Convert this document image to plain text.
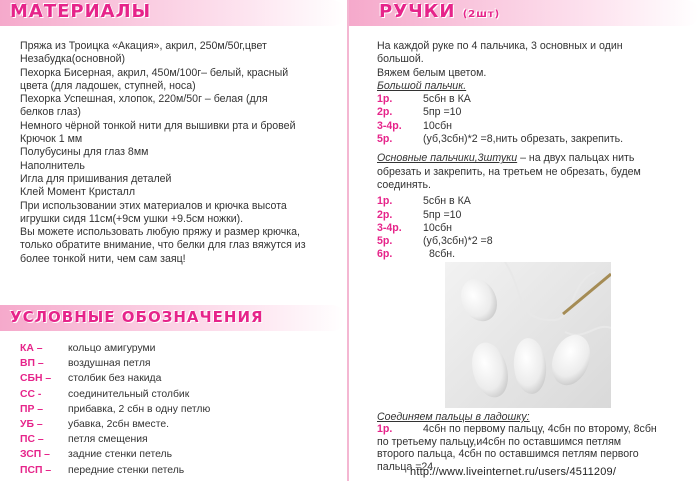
МАТЕРИАЛЫ
Пряжа из Троицка «Акация», акрил, 250м/50г,цвет
Незабудка(основной)
Пехорка Бисерная, акрил, 450м/100г– белый, красный
цвета (для ладошек, ступней, носа)
Пехорка Успешная, хлопок, 220м/50г – белая (для
белков глаз)
Немного чёрной тонкой нити для вышивки рта и бровей
Крючок 1 мм
Полубусины для глаз 8мм
Наполнитель
Игла для пришивания деталей
Клей Момент Кристалл
При использовании этих материалов и крючка высота
игрушки сидя 11см(+9см ушки +9.5см ножки).
Вы можете использовать любую пряжу и размер крючка,
только обратите внимание, что белки для глаз вяжутся из
более тонкой нити, чем сам заяц!
УСЛОВНЫЕ ОБОЗНАЧЕНИЯ
КА – кольцо амигуруми
ВП – воздушная петля
СБН – столбик без накида
СС -	соединительный столбик
ПР – прибавка, 2 сбн в одну петлю
УБ – убавка, 2сбн вместе.
ПС – петля смещения
ЗСП – задние стенки петель
ПСП – передние стенки петель
РУЧКИ (2шт)
На каждой руке по 4 пальчика, 3 основных и один
большой.
Вяжем белым цветом.
Большой пальчик.
1р.	5сбн в КА
2р.	5пр =10
3-4р. 10сбн
5р.	(уб,3сбн)*2 =8,нить обрезать, закрепить.
Основные пальчики,3штуки – на двух пальцах нить
обрезать и закрепить, на третьем не обрезать, будем
соединять.
1р.	5сбн в КА
2р.	5пр =10
3-4р. 10сбн
5р.	(уб,3сбн)*2 =8
6р.	8сбн.
Соединяем пальцы в ладошку:
1р.	4сбн по первому пальцу, 4сбн по второму, 8сбн
по третьему пальцу,и4сбн по оставшимся петлям
второго пальца, 4сбн по оставшимся петлям первого
пальца =24
http://www.liveinternet.ru/users/4511209/
